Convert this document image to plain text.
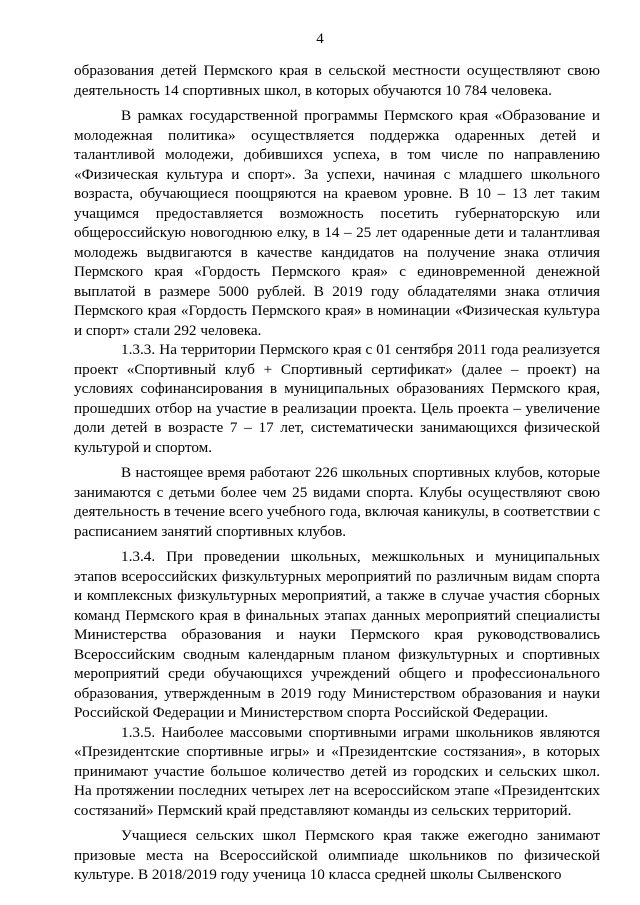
4

образования детей Пермского края в сельской местности осуществляют свою деятельность 14 спортивных школ, в которых обучаются 10 784 человека.

В рамках государственной программы Пермского края «Образование и молодежная политика» осуществляется поддержка одаренных детей и талантливой молодежи, добившихся успеха, в том числе по направлению «Физическая культура и спорт». За успехи, начиная с младшего школьного возраста, обучающиеся поощряются на краевом уровне. В 10 – 13 лет таким учащимся предоставляется возможность посетить губернаторскую или общероссийскую новогоднюю елку, в 14 – 25 лет одаренные дети и талантливая молодежь выдвигаются в качестве кандидатов на получение знака отличия Пермского края «Гордость Пермского края» с единовременной денежной выплатой в размере 5000 рублей. В 2019 году обладателями знака отличия Пермского края «Гордость Пермского края» в номинации «Физическая культура и спорт» стали 292 человека.

1.3.3. На территории Пермского края с 01 сентября 2011 года реализуется проект «Спортивный клуб + Спортивный сертификат» (далее – проект) на условиях софинансирования в муниципальных образованиях Пермского края, прошедших отбор на участие в реализации проекта. Цель проекта – увеличение доли детей в возрасте 7 – 17 лет, систематически занимающихся физической культурой и спортом.

В настоящее время работают 226 школьных спортивных клубов, которые занимаются с детьми более чем 25 видами спорта. Клубы осуществляют свою деятельность в течение всего учебного года, включая каникулы, в соответствии с расписанием занятий спортивных клубов.

1.3.4. При проведении школьных, межшкольных и муниципальных этапов всероссийских физкультурных мероприятий по различным видам спорта и комплексных физкультурных мероприятий, а также в случае участия сборных команд Пермского края в финальных этапах данных мероприятий специалисты Министерства образования и науки Пермского края руководствовались Всероссийским сводным календарным планом физкультурных и спортивных мероприятий среди обучающихся учреждений общего и профессионального образования, утвержденным в 2019 году Министерством образования и науки Российской Федерации и Министерством спорта Российской Федерации.

1.3.5. Наиболее массовыми спортивными играми школьников являются «Президентские спортивные игры» и «Президентские состязания», в которых принимают участие большое количество детей из городских и сельских школ. На протяжении последних четырех лет на всероссийском этапе «Президентских состязаний» Пермский край представляют команды из сельских территорий.

Учащиеся сельских школ Пермского края также ежегодно занимают призовые места на Всероссийской олимпиаде школьников по физической культуре. В 2018/2019 году ученица 10 класса средней школы Сылвенского
